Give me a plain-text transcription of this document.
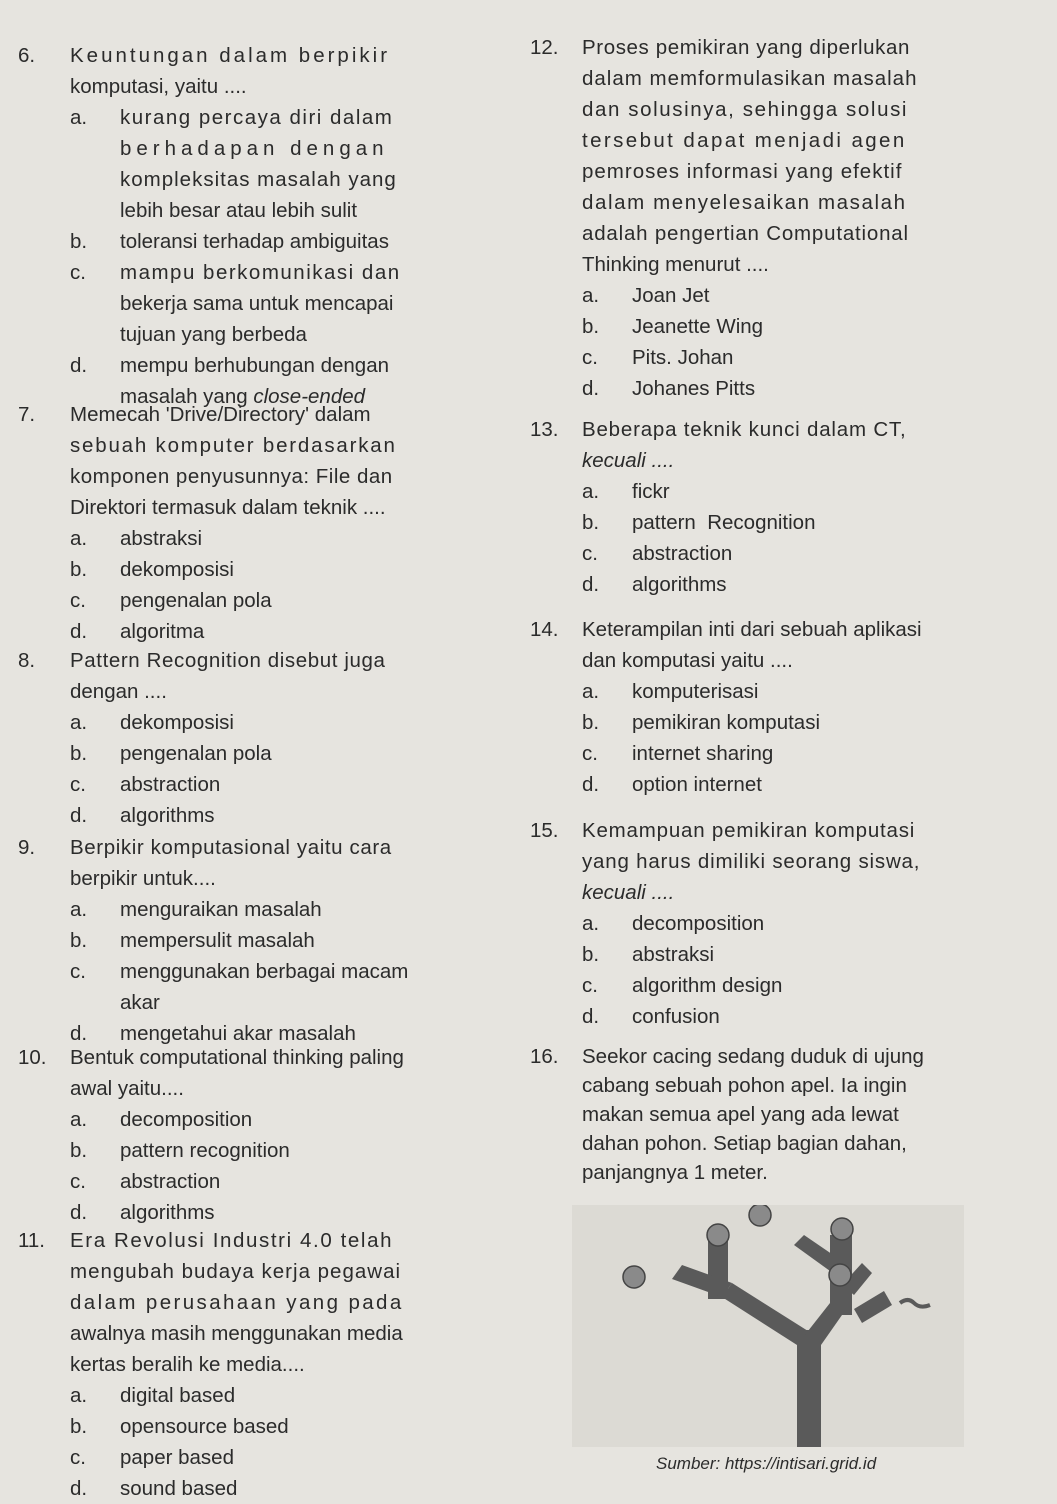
6. Keuntungan dalam berpikir
komputasi, yaitu ....
a. kurang percaya diri dalam
berhadapan dengan
kompleksitas masalah yang
lebih besar atau lebih sulit
b. toleransi terhadap ambiguitas
c. mampu berkomunikasi dan
bekerja sama untuk mencapai
tujuan yang berbeda
d. mempu berhubungan dengan
masalah yang close-ended
7. Memecah 'Drive/Directory' dalam
sebuah komputer berdasarkan
komponen penyusunnya: File dan
Direktori termasuk dalam teknik ....
a. abstraksi
b. dekomposisi
c. pengenalan pola
d. algoritma
8. Pattern Recognition disebut juga
dengan ....
a. dekomposisi
b. pengenalan pola
c. abstraction
d. algorithms
9. Berpikir komputasional yaitu cara
berpikir untuk....
a. menguraikan masalah
b. mempersulit masalah
c. menggunakan berbagai macam
akar
d. mengetahui akar masalah
10. Bentuk computational thinking paling
awal yaitu....
a. decomposition
b. pattern recognition
c. abstraction
d. algorithms
11. Era Revolusi Industri 4.0 telah
mengubah budaya kerja pegawai
dalam perusahaan yang pada
awalnya masih menggunakan media
kertas beralih ke media....
a. digital based
b. opensource based
c. paper based
d. sound based
12. Proses pemikiran yang diperlukan
dalam memformulasikan masalah
dan solusinya, sehingga solusi
tersebut dapat menjadi agen
pemroses informasi yang efektif
dalam menyelesaikan masalah
adalah pengertian Computational
Thinking menurut ....
a. Joan Jet
b. Jeanette Wing
c. Pits. Johan
d. Johanes Pitts
13. Beberapa teknik kunci dalam CT,
kecuali ....
a. fickr
b. pattern  Recognition
c. abstraction
d. algorithms
14. Keterampilan inti dari sebuah aplikasi
dan komputasi yaitu ....
a. komputerisasi
b. pemikiran komputasi
c. internet sharing
d. option internet
15. Kemampuan pemikiran komputasi
yang harus dimiliki seorang siswa,
kecuali ....
a. decomposition
b. abstraksi
c. algorithm design
d. confusion
16. Seekor cacing sedang duduk di ujung
cabang sebuah pohon apel. Ia ingin
makan semua apel yang ada lewat
dahan pohon. Setiap bagian dahan,
panjangnya 1 meter.
Sumber: https://intisari.grid.id
